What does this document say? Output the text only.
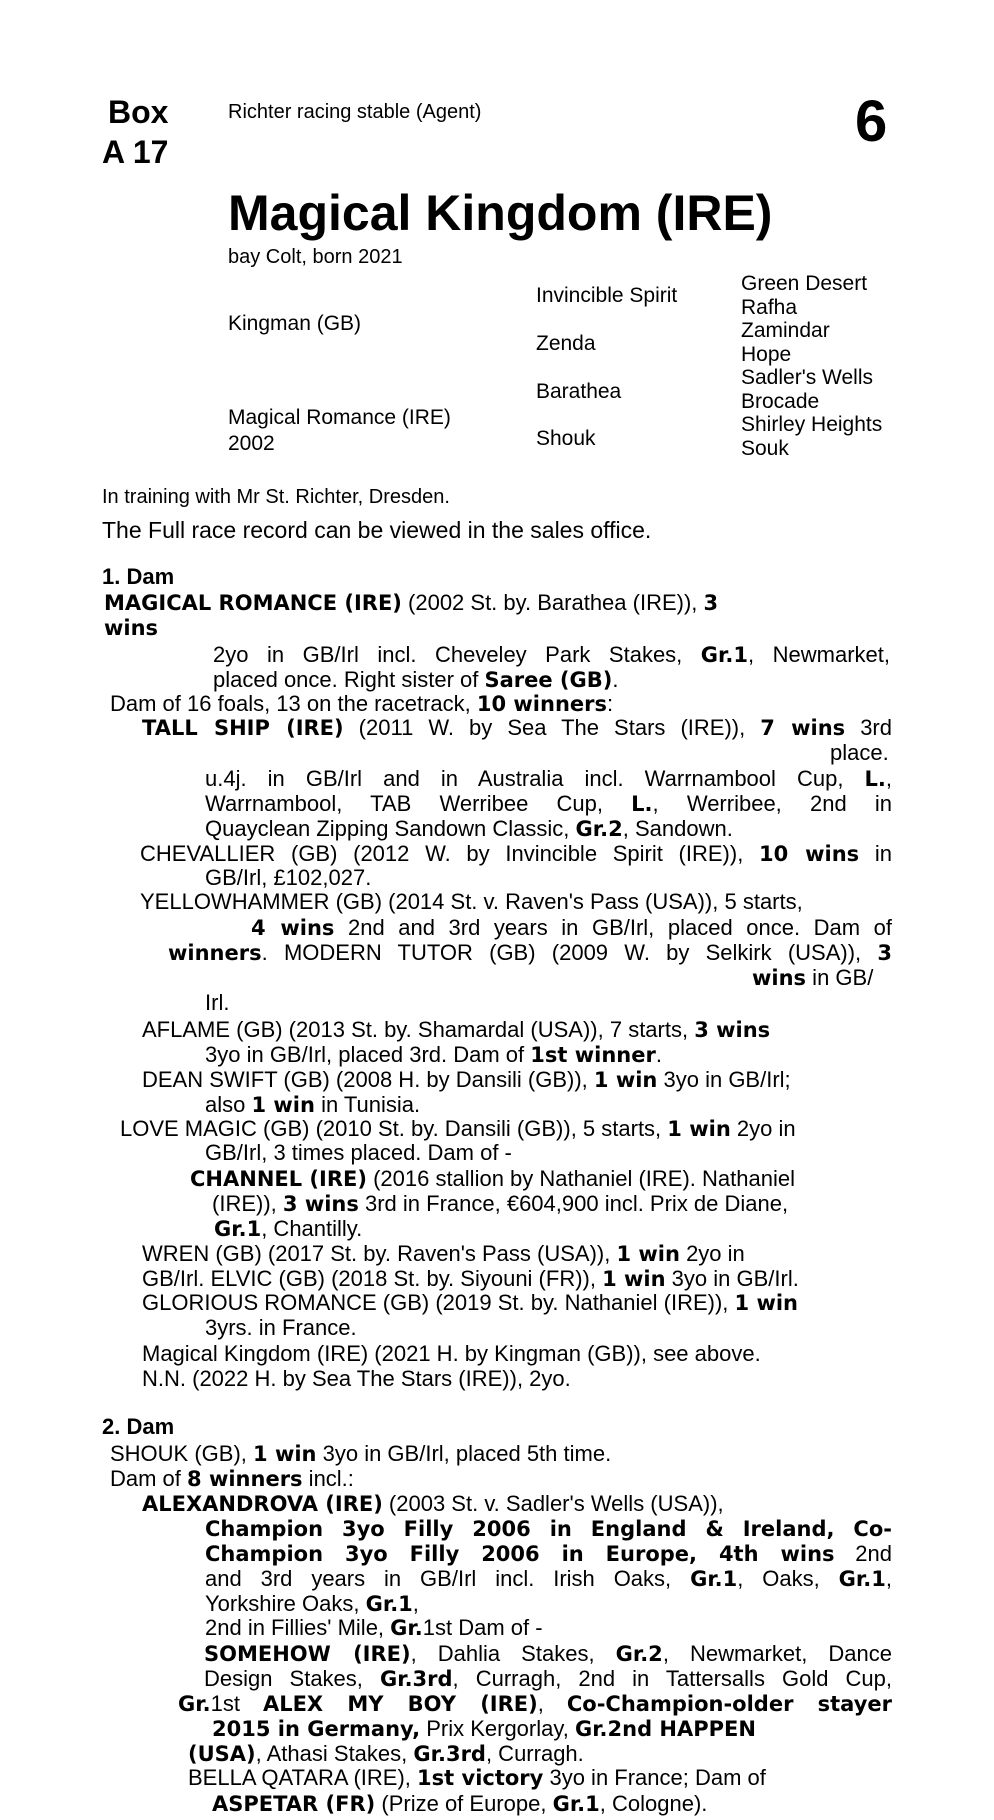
Box
A 17
Richter racing stable (Agent)	6
Magical Kingdom (IRE)
bay Colt, born 2021
Kingman (GB)
Magical Romance (IRE)
2002
Invincible Spirit
Zenda
Barathea
Shouk
Green Desert
Rafha
Zamindar
Hope
Sadler's Wells
Brocade
Shirley Heights
Souk
In training with Mr St. Richter, Dresden.
The Full race record can be viewed in the sales office.
1. Dam
MAGICAL ROMANCE (IRE) (2002 St. by. Barathea (IRE)), 3
wins
2yo in GB/Irl incl. Cheveley Park Stakes, Gr.1, Newmarket,
placed once. Right sister of Saree (GB).
Dam of 16 foals, 13 on the racetrack, 10 winners:
TALL SHIP (IRE) (2011 W. by Sea The Stars (IRE)), 7 wins 3rd
place.
u.4j. in GB/Irl and in Australia incl. Warrnambool Cup, L.,
Warrnambool, TAB Werribee Cup, L., Werribee, 2nd in
Quayclean Zipping Sandown Classic, Gr.2, Sandown.
CHEVALLIER (GB) (2012 W. by Invincible Spirit (IRE)), 10 wins in
GB/Irl, £102,027.
YELLOWHAMMER (GB) (2014 St. v. Raven's Pass (USA)), 5 starts,
4 wins 2nd and 3rd years in GB/Irl, placed once. Dam of
winners. MODERN TUTOR (GB) (2009 W. by Selkirk (USA)), 3
wins in GB/
Irl.
AFLAME (GB) (2013 St. by. Shamardal (USA)), 7 starts, 3 wins
3yo in GB/Irl, placed 3rd. Dam of 1st winner.
DEAN SWIFT (GB) (2008 H. by Dansili (GB)), 1 win 3yo in GB/Irl;
also 1 win in Tunisia.
LOVE MAGIC (GB) (2010 St. by. Dansili (GB)), 5 starts, 1 win 2yo in
GB/Irl, 3 times placed. Dam of -
CHANNEL (IRE) (2016 stallion by Nathaniel (IRE). Nathaniel
(IRE)), 3 wins 3rd in France, €604,900 incl. Prix de Diane,
Gr.1, Chantilly.
WREN (GB) (2017 St. by. Raven's Pass (USA)), 1 win 2yo in
GB/Irl. ELVIC (GB) (2018 St. by. Siyouni (FR)), 1 win 3yo in GB/Irl.
GLORIOUS ROMANCE (GB) (2019 St. by. Nathaniel (IRE)), 1 win
3yrs. in France.
Magical Kingdom (IRE) (2021 H. by Kingman (GB)), see above.
N.N. (2022 H. by Sea The Stars (IRE)), 2yo.
2. Dam
SHOUK (GB), 1 win 3yo in GB/Irl, placed 5th time.
Dam of 8 winners incl.:
ALEXANDROVA (IRE) (2003 St. v. Sadler's Wells (USA)),
Champion 3yo Filly 2006 in England & Ireland, Co-
Champion 3yo Filly 2006 in Europe, 4th wins 2nd
and 3rd years in GB/Irl incl. Irish Oaks, Gr.1, Oaks, Gr.1,
Yorkshire Oaks, Gr.1,
2nd in Fillies' Mile, Gr.1st Dam of -
SOMEHOW (IRE), Dahlia Stakes, Gr.2, Newmarket, Dance
Design Stakes, Gr.3rd, Curragh, 2nd in Tattersalls Gold Cup,
Gr.1st ALEX MY BOY (IRE), Co-Champion-older stayer
2015 in Germany, Prix Kergorlay, Gr.2nd HAPPEN
(USA), Athasi Stakes, Gr.3rd, Curragh.
BELLA QATARA (IRE), 1st victory 3yo in France; Dam of
ASPETAR (FR) (Prize of Europe, Gr.1, Cologne).
